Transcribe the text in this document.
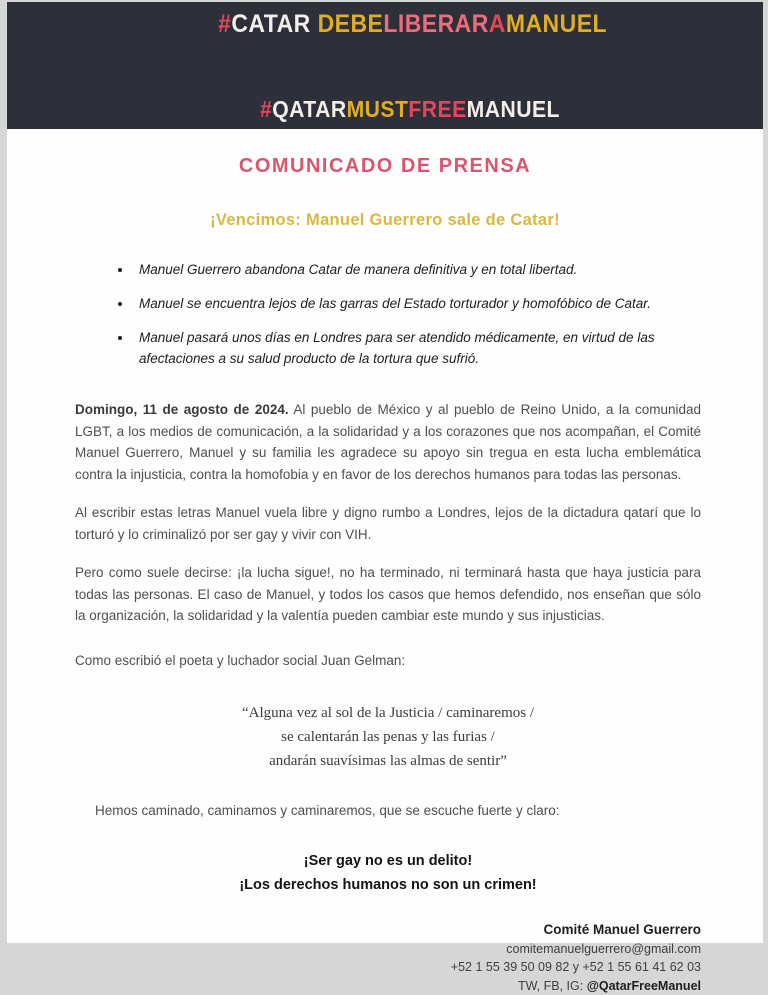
#CATAR DEBELIBERARAMANUEL

#QATARMUSTFREEMANUEL

COMUNICADO DE PRENSA
¡Vencimos: Manuel Guerrero sale de Catar!
• Manuel Guerrero abandona Catar de manera definitiva y en total libertad.
• Manuel se encuentra lejos de las garras del Estado torturador y homofóbico de Catar.
• Manuel pasará unos días en Londres para ser atendido médicamente, en virtud de las afectaciones a su salud producto de la tortura que sufrió.

Domingo, 11 de agosto de 2024. Al pueblo de México y al pueblo de Reino Unido, a la comunidad LGBT, a los medios de comunicación, a la solidaridad y a los corazones que nos acompañan, el Comité Manuel Guerrero, Manuel y su familia les agradece su apoyo sin tregua en esta lucha emblemática contra la injusticia, contra la homofobia y en favor de los derechos humanos para todas las personas.

Al escribir estas letras Manuel vuela libre y digno rumbo a Londres, lejos de la dictadura qatarí que lo torturó y lo criminalizó por ser gay y vivir con VIH.

Pero como suele decirse: ¡la lucha sigue!, no ha terminado, ni terminará hasta que haya justicia para todas las personas. El caso de Manuel, y todos los casos que hemos defendido, nos enseñan que sólo la organización, la solidaridad y la valentía pueden cambiar este mundo y sus injusticias.

Como escribió el poeta y luchador social Juan Gelman:

“Alguna vez al sol de la Justicia / caminaremos /
se calentarán las penas y las furias /
andarán suavísimas las almas de sentir”

Hemos caminado, caminamos y caminaremos, que se escuche fuerte y claro:

¡Ser gay no es un delito!
¡Los derechos humanos no son un crimen!
Comité Manuel Guerrero
comitemanuelguerrero@gmail.com
+52 1 55 39 50 09 82 y +52 1 55 61 41 62 03
TW, FB, IG: @QatarFreeManuel
